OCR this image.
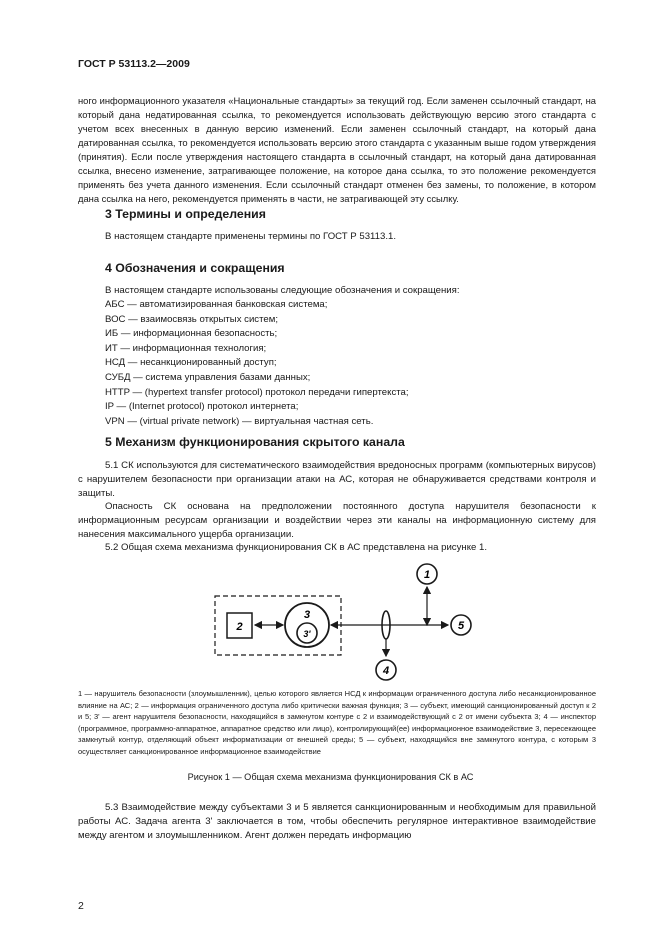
ГОСТ Р 53113.2—2009

ного информационного указателя «Национальные стандарты» за текущий год. Если заменен ссылочный стандарт, на который дана недатированная ссылка, то рекомендуется использовать действующую версию этого стандарта с учетом всех внесенных в данную версию изменений. Если заменен ссылочный стандарт, на который дана датированная ссылка, то рекомендуется использовать версию этого стандарта с указанным выше годом утверждения (принятия). Если после утверждения настоящего стандарта в ссылочный стандарт, на который дана датированная ссылка, внесено изменение, затрагивающее положение, на которое дана ссылка, то это положение рекомендуется применять без учета данного изменения. Если ссылочный стандарт отменен без замены, то положение, в котором дана ссылка на него, рекомендуется применять в части, не затрагивающей эту ссылку.

3 Термины и определения

В настоящем стандарте применены термины по ГОСТ Р 53113.1.

4 Обозначения и сокращения

В настоящем стандарте использованы следующие обозначения и сокращения:

АБС — автоматизированная банковская система;
ВОС — взаимосвязь открытых систем;
ИБ — информационная безопасность;
ИТ — информационная технология;
НСД — несанкционированный доступ;
СУБД — система управления базами данных;
HTTP — (hypertext transfer protocol) протокол передачи гипертекста;
IP — (Internet protocol) протокол интернета;
VPN — (virtual private network) — виртуальная частная сеть.
5 Механизм функционирования скрытого канала

5.1 СК используются для систематического взаимодействия вредоносных программ (компьютерных вирусов) с нарушителем безопасности при организации атаки на АС, которая не обнаруживается средствами контроля и защиты.

Опасность СК основана на предположении постоянного доступа нарушителя безопасности к информационным ресурсам организации и воздействии через эти каналы на информационную систему для нанесения максимального ущерба организации.

5.2 Общая схема механизма функционирования СК в АС представлена на рисунке 1.

2
3
3'
4
1
5

1 — нарушитель безопасности (злоумышленник), целью которого является НСД к информации ограниченного доступа либо несанкционированное влияние на АС; 2 — информация ограниченного доступа либо критически важная функция; 3 — субъект, имеющий санкционированный доступ к 2 и 5; 3' — агент нарушителя безопасности, находящийся в замкнутом контуре с 2 и взаимодействующий с 2 от имени субъекта 3; 4 — инспектор (программное, программно-аппаратное, аппаратное средство или лицо), контролирующий(ее) информационное взаимодействие 3, пересекающее замкнутый контур, отделяющий объект информатизации от внешней среды; 5 — субъект, находящийся вне замкнутого контура, с которым 3 осуществляет санкционированное информационное взаимодействие

Рисунок 1 — Общая схема механизма функционирования СК в АС

5.3 Взаимодействие между субъектами 3 и 5 является санкционированным и необходимым для правильной работы АС. Задача агента 3' заключается в том, чтобы обеспечить регулярное интерактивное взаимодействие между агентом и злоумышленником. Агент должен передать информацию

2
